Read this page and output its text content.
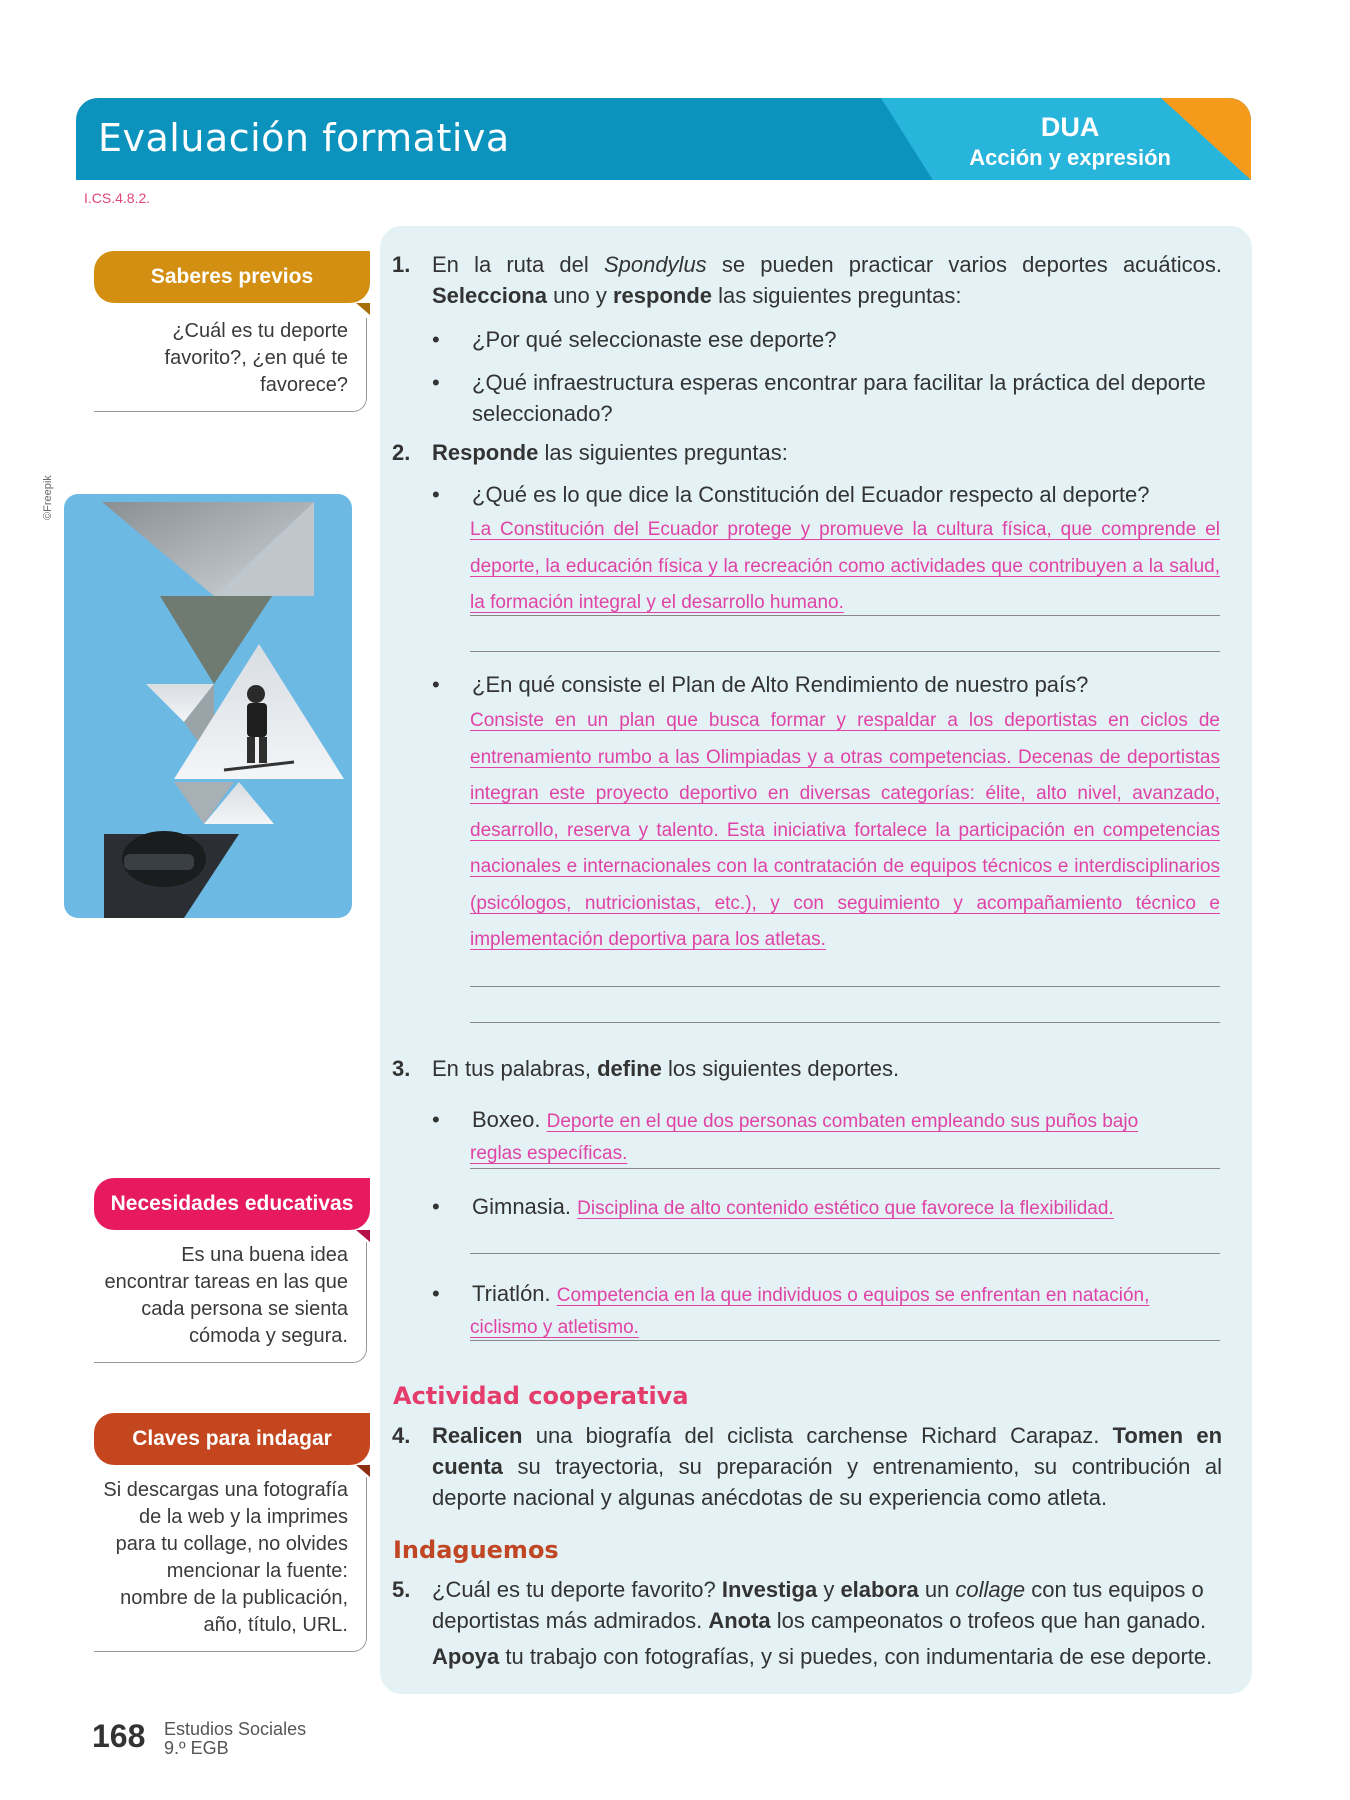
Evaluación formativa	DUA
Acción y expresión
I.CS.4.8.2.
Saberes previos
¿Cuál es tu deporte favorito?, ¿en qué te favorece?
©Freepik
Necesidades educativas
Es una buena idea encontrar tareas en las que cada persona se sienta cómoda y segura.
Claves para indagar
Si descargas una fotografía de la web y la imprimes para tu collage, no olvides mencionar la fuente: nombre de la publicación, año, título, URL.
1. En la ruta del Spondylus se pueden practicar varios deportes acuáticos. Selecciona uno y responde las siguientes preguntas:
• ¿Por qué seleccionaste ese deporte?
• ¿Qué infraestructura esperas encontrar para facilitar la práctica del deporte seleccionado?
2. Responde las siguientes preguntas:
• ¿Qué es lo que dice la Constitución del Ecuador respecto al deporte?
La Constitución del Ecuador protege y promueve la cultura física, que comprende el deporte, la educación física y la recreación como actividades que contribuyen a la salud, la formación integral y el desarrollo humano.
• ¿En qué consiste el Plan de Alto Rendimiento de nuestro país?
Consiste en un plan que busca formar y respaldar a los deportistas en ciclos de entrenamiento rumbo a las Olimpiadas y a otras competencias. Decenas de deportistas integran este proyecto deportivo en diversas categorías: élite, alto nivel, avanzado, desarrollo, reserva y talento. Esta iniciativa fortalece la participación en competencias nacionales e internacionales con la contratación de equipos técnicos e interdisciplinarios (psicólogos, nutricionistas, etc.), y con seguimiento y acompañamiento técnico e implementación deportiva para los atletas.
3. En tus palabras, define los siguientes deportes.
• Boxeo. Deporte en el que dos personas combaten empleando sus puños bajo
reglas específicas.
• Gimnasia. Disciplina de alto contenido estético que favorece la flexibilidad.
• Triatlón. Competencia en la que individuos o equipos se enfrentan en natación,
ciclismo y atletismo.
Actividad cooperativa
4. Realicen una biografía del ciclista carchense Richard Carapaz. Tomen en cuenta su trayectoria, su preparación y entrenamiento, su contribución al deporte nacional y algunas anécdotas de su experiencia como atleta.
Indaguemos
5. ¿Cuál es tu deporte favorito? Investiga y elabora un collage con tus equipos o deportistas más admirados. Anota los campeonatos o trofeos que han ganado.
Apoya tu trabajo con fotografías, y si puedes, con indumentaria de ese deporte.
168 Estudios Sociales
9.º EGB
